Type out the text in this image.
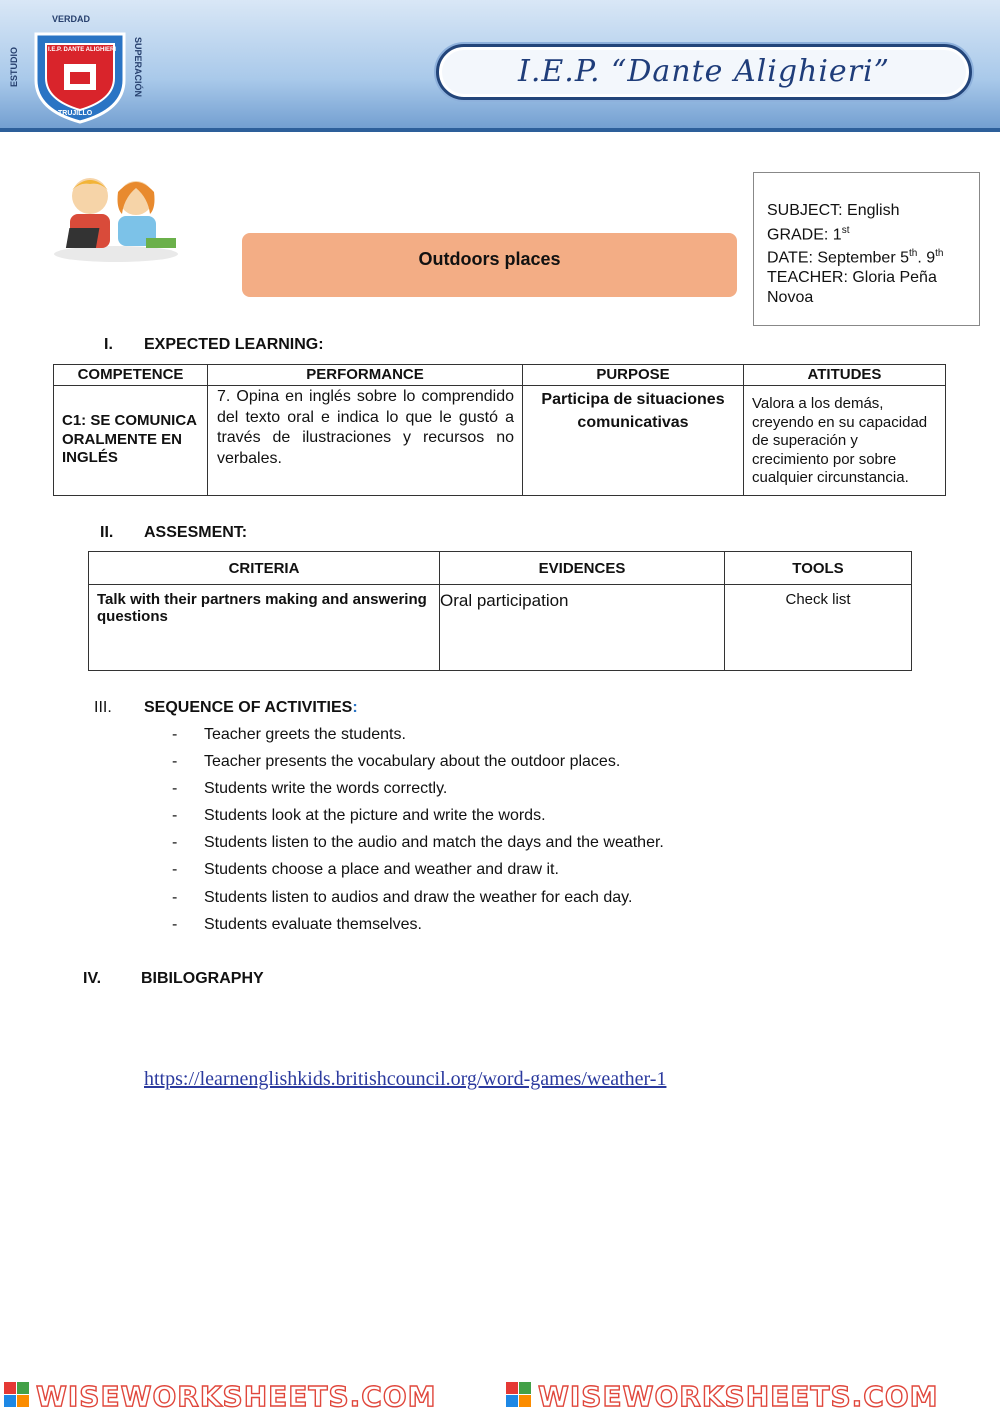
VERDAD
ESTUDIO	SUPERACIÓN
I.E.P. DANTE ALIGHIERI
TRUJILLO
I.E.P. “Dante Alighieri”
Outdoors places
SUBJECT: English
GRADE: 1st
DATE: September 5th. 9th
TEACHER: Gloria Peña Novoa
I. EXPECTED LEARNING:
COMPETENCE	PERFORMANCE	PURPOSE	ATITUDES
C1: SE COMUNICA ORALMENTE EN INGLÉS	7. Opina en inglés sobre lo comprendido del texto oral e indica lo que le gustó a través de ilustraciones y recursos no verbales.	Participa de situaciones comunicativas	Valora a los demás, creyendo en su capacidad de superación y crecimiento por sobre cualquier circunstancia.
II. ASSESMENT:
CRITERIA	EVIDENCES	TOOLS
Talk with their partners making and answering questions	Oral participation	Check list
III. SEQUENCE OF ACTIVITIES:
- Teacher greets the students.
- Teacher presents the vocabulary about the outdoor places.
- Students write the words correctly.
- Students look at the picture and write the words.
- Students listen to the audio and match the days and the weather.
- Students choose a place and weather and draw it.
- Students listen to audios and draw the weather for each day.
- Students evaluate themselves.
IV. BIBILOGRAPHY
https://learnenglishkids.britishcouncil.org/word-games/weather-1
WISEWORKSHEETS.COM	WISEWORKSHEETS.COM
